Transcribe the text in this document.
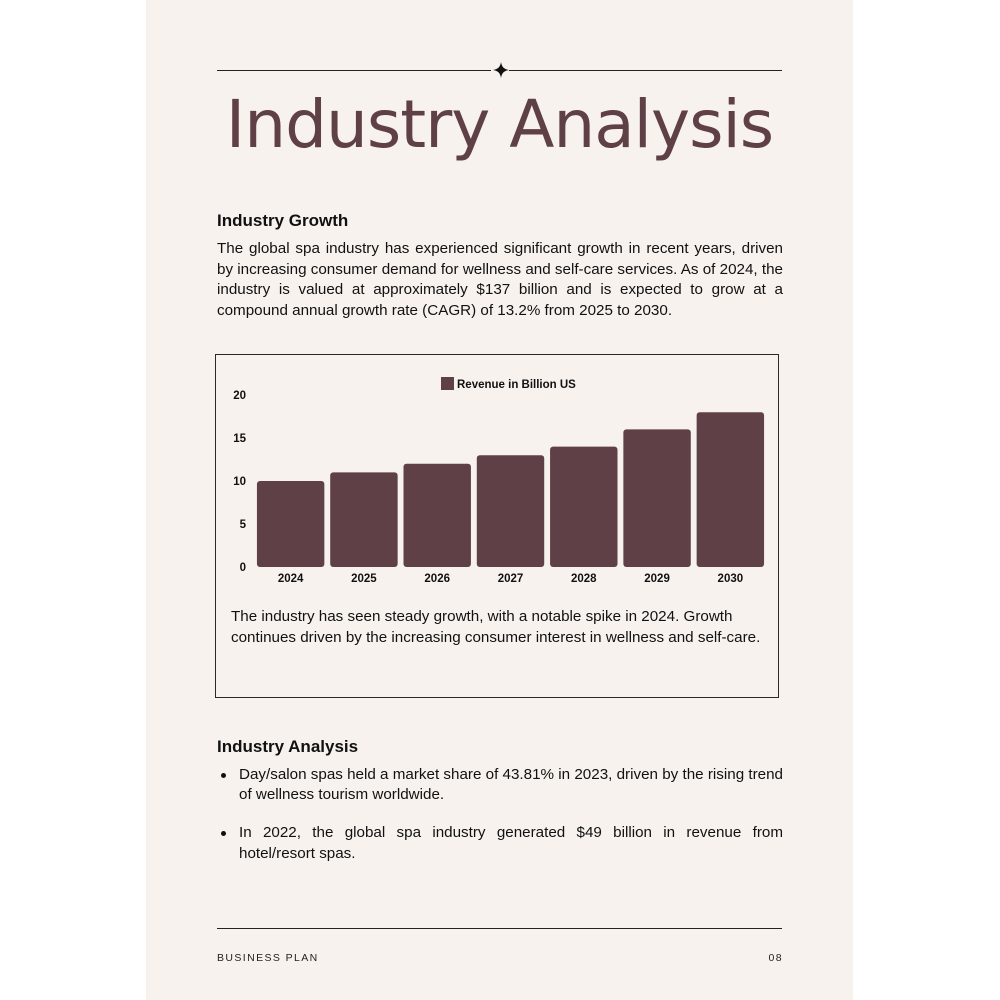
Industry Analysis
Industry Growth

The global spa industry has experienced significant growth in recent years, driven by increasing consumer demand for wellness and self-care services. As of 2024, the industry is valued at approximately $137 billion and is expected to grow at a compound annual growth rate (CAGR) of 13.2% from 2025 to 2030.

Revenue in Billion US
0
5
10
15
20
2024	2025	2026	2027	2028	2029	2030

The industry has seen steady growth, with a notable spike in 2024. Growth continues driven by the increasing consumer interest in wellness and self-care.

Industry Analysis
Day/salon spas held a market share of 43.81% in 2023, driven by the rising trend of wellness tourism worldwide.
In 2022, the global spa industry generated $49 billion in revenue from hotel/resort spas.
BUSINESS PLAN	08
